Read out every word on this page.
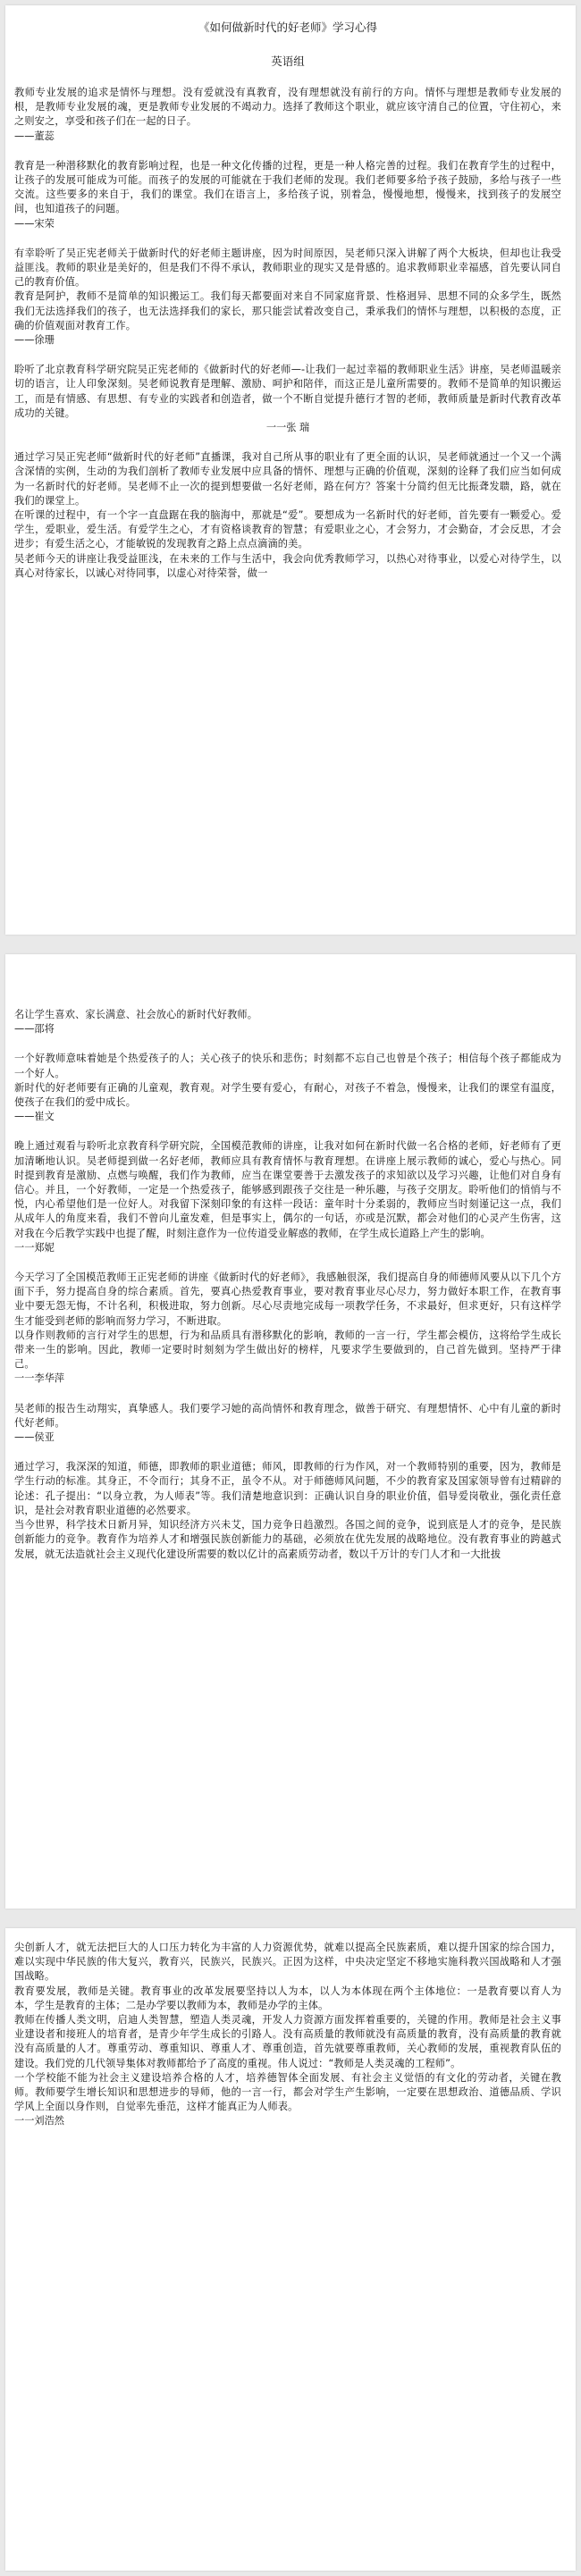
《如何做新时代的好老师》学习心得
英语组

教师专业发展的追求是情怀与理想。没有爱就没有真教育，没有理想就没有前行的方向。情怀与理想是教师专业发展的根，是教师专业发展的魂，更是教师专业发展的不竭动力。选择了教师这个职业，就应该守清自己的位置，守住初心，来之则安之，享受和孩子们在一起的日子。

——董蕊

教育是一种潜移默化的教育影响过程，也是一种文化传播的过程，更是一种人格完善的过程。我们在教育学生的过程中，让孩子的发展可能成为可能。而孩子的发展的可能就在于我们老师的发现。我们老师要多给予孩子鼓励，多给与孩子一些交流。这些要多的来自于，我们的课堂。我们在语言上，多给孩子说，别着急，慢慢地想，慢慢来，找到孩子的发展空间，也知道孩子的问题。

——宋荣

有幸聆听了吴正宪老师关于做新时代的好老师主题讲座，因为时间原因，吴老师只深入讲解了两个大板块，但却也让我受益匪浅。教师的职业是美好的，但是我们不得不承认，教师职业的现实又是骨感的。追求教师职业幸福感，首先要认同自己的教育价值。

教育是阿护，教师不是简单的知识搬运工。我们每天都要面对来自不同家庭背景、性格迥异、思想不同的众多学生，既然我们无法选择我们的孩子，也无法选择我们的家长，那只能尝试着改变自己，秉承我们的情怀与理想，以积极的态度，正确的价值观面对教育工作。

——徐珊

聆听了北京教育科学研究院吴正宪老师的《做新时代的好老师—-让我们一起过幸福的教师职业生活》讲座，吴老师温暖亲切的语言，让人印象深刻。吴老师说教育是理解、激励、呵护和陪伴，而这正是儿童所需要的。教师不是简单的知识搬运工，而是有情感、有思想、有专业的实践者和创造者，做一个不断自觉提升德行才智的老师，教师质量是新时代教育改革成功的关键。

一一张 瑞

通过学习吴正宪老师“做新时代的好老师”直播课，我对自己所从事的职业有了更全面的认识，吴老师就通过一个又一个满含深情的实例，生动的为我们剖析了教师专业发展中应具备的情怀、理想与正确的价值观，深刻的诠释了我们应当如何成为一名新时代的好老师。吴老师不止一次的提到想要做一名好老师，路在何方？答案十分简约但无比振聋发聩，路，就在我们的课堂上。

在听课的过程中，有一个字一直盘踞在我的脑海中，那就是“爱”。要想成为一名新时代的好老师，首先要有一颗爱心。爱学生，爱职业，爱生活。有爱学生之心，才有资格谈教育的智慧；有爱职业之心，才会努力，才会勤奋，才会反思，才会进步；有爱生活之心，才能敏锐的发现教育之路上点点滴滴的美。

吴老师今天的讲座让我受益匪浅，在未来的工作与生活中，我会向优秀教师学习，以热心对待事业，以爱心对待学生，以真心对待家长，以诚心对待同事，以虚心对待荣誉，做一

名让学生喜欢、家长满意、社会放心的新时代好教师。

——邵将

一个好教师意味着她是个热爱孩子的人；关心孩子的快乐和悲伤；时刻都不忘自己也曾是个孩子；相信每个孩子都能成为一个好人。

新时代的好老师要有正确的儿童观，教育观。对学生要有爱心，有耐心，对孩子不着急，慢慢来，让我们的课堂有温度，使孩子在我们的爱中成长。

——崔文

晚上通过观看与聆听北京教育科学研究院，全国模范教师的讲座，让我对如何在新时代做一名合格的老师，好老师有了更加清晰地认识。吴老师提到做一名好老师，教师应具有教育情怀与教育理想。在讲座上展示教师的诚心，爱心与热心。同时提到教育是激励、点燃与唤醒，我们作为教师，应当在课堂要善于去激发孩子的求知欲以及学习兴趣，让他们对自身有信心。并且，一个好教师，一定是一个热爱孩子，能够感到跟孩子交往是一种乐趣，与孩子交朋友。聆听他们的悄悄与不悦，内心希望他们是一位好人。对我留下深刻印象的有这样一段话：童年时十分柔弱的，教师应当时刻谨记这一点，我们从成年人的角度来看，我们不曾向儿童发难，但是事实上，偶尔的一句话，亦或是沉默，都会对他们的心灵产生伤害，这对我在今后教学实践中也提了醒，时刻注意作为一位传道受业解惑的教师，在学生成长道路上产生的影响。

一一郑妮

今天学习了全国模范教师王正宪老师的讲座《做新时代的好老师》，我感触很深，我们提高自身的师德师风要从以下几个方面下手，努力提高自身的综合素质。首先，要真心热爱教育事业，要对教育事业尽心尽力，努力做好本职工作，在教育事业中要无怨无悔，不计名利，积极进取，努力创新。尽心尽责地完成每一项教学任务，不求最好，但求更好，只有这样学生才能受到老师的影响而努力学习，不断进取。

以身作则教师的言行对学生的思想，行为和品质具有潜移默化的影响，教师的一言一行，学生都会模仿，这将给学生成长带来一生的影响。因此，教师一定要时时刻刻为学生做出好的榜样，凡要求学生要做到的，自己首先做到。坚持严于律己。

一一李华萍

吴老师的报告生动翔实，真挚感人。我们要学习她的高尚情怀和教育理念，做善于研究、有理想情怀、心中有儿童的新时代好老师。

——侯亚

通过学习，我深深的知道，师德，即教师的职业道德；师风，即教师的行为作风，对一个教师特别的重要，因为，教师是学生行动的标准。其身正，不令而行；其身不正，虽令不从。对于师德师风问题，不少的教育家及国家领导曾有过精辟的论述：孔子提出：“以身立教，为人师表”等。我们清楚地意识到：正确认识自身的职业价值，倡导爱岗敬业，强化责任意识，是社会对教育职业道德的必然要求。

当今世界，科学技术日新月异，知识经济方兴未艾，国力竞争日趋激烈。各国之间的竞争，说到底是人才的竞争，是民族创新能力的竞争。教育作为培养人才和增强民族创新能力的基础，必须放在优先发展的战略地位。没有教育事业的跨越式发展，就无法造就社会主义现代化建设所需要的数以亿计的高素质劳动者，数以千万计的专门人才和一大批拔

尖创新人才，就无法把巨大的人口压力转化为丰富的人力资源优势，就难以提高全民族素质，难以提升国家的综合国力，难以实现中华民族的伟大复兴，教育兴，民族兴，民族兴。正因为这样，中央决定坚定不移地实施科教兴国战略和人才强国战略。

教育要发展，教师是关键。教育事业的改革发展要坚持以人为本，以人为本体现在两个主体地位：一是教育要以育人为本，学生是教育的主体；二是办学要以教师为本，教师是办学的主体。

教师在传播人类文明，启迪人类智慧，塑造人类灵魂，开发人力资源方面发挥着重要的，关键的作用。教师是社会主义事业建设者和接班人的培育者，是青少年学生成长的引路人。没有高质量的教师就没有高质量的教育，没有高质量的教育就没有高质量的人才。尊重劳动、尊重知识、尊重人才、尊重创造，首先就要尊重教师，关心教师的发展，重视教育队伍的建设。我们党的几代领导集体对教师都给予了高度的重视。伟人说过：“教师是人类灵魂的工程师”。

一个学校能不能为社会主义建设培养合格的人才，培养德智体全面发展、有社会主义觉悟的有文化的劳动者，关键在教师。教师要学生增长知识和思想进步的导师，他的一言一行，都会对学生产生影响，一定要在思想政治、道德品质、学识学风上全面以身作则，自觉率先垂范，这样才能真正为人师表。

一一刘浩然
